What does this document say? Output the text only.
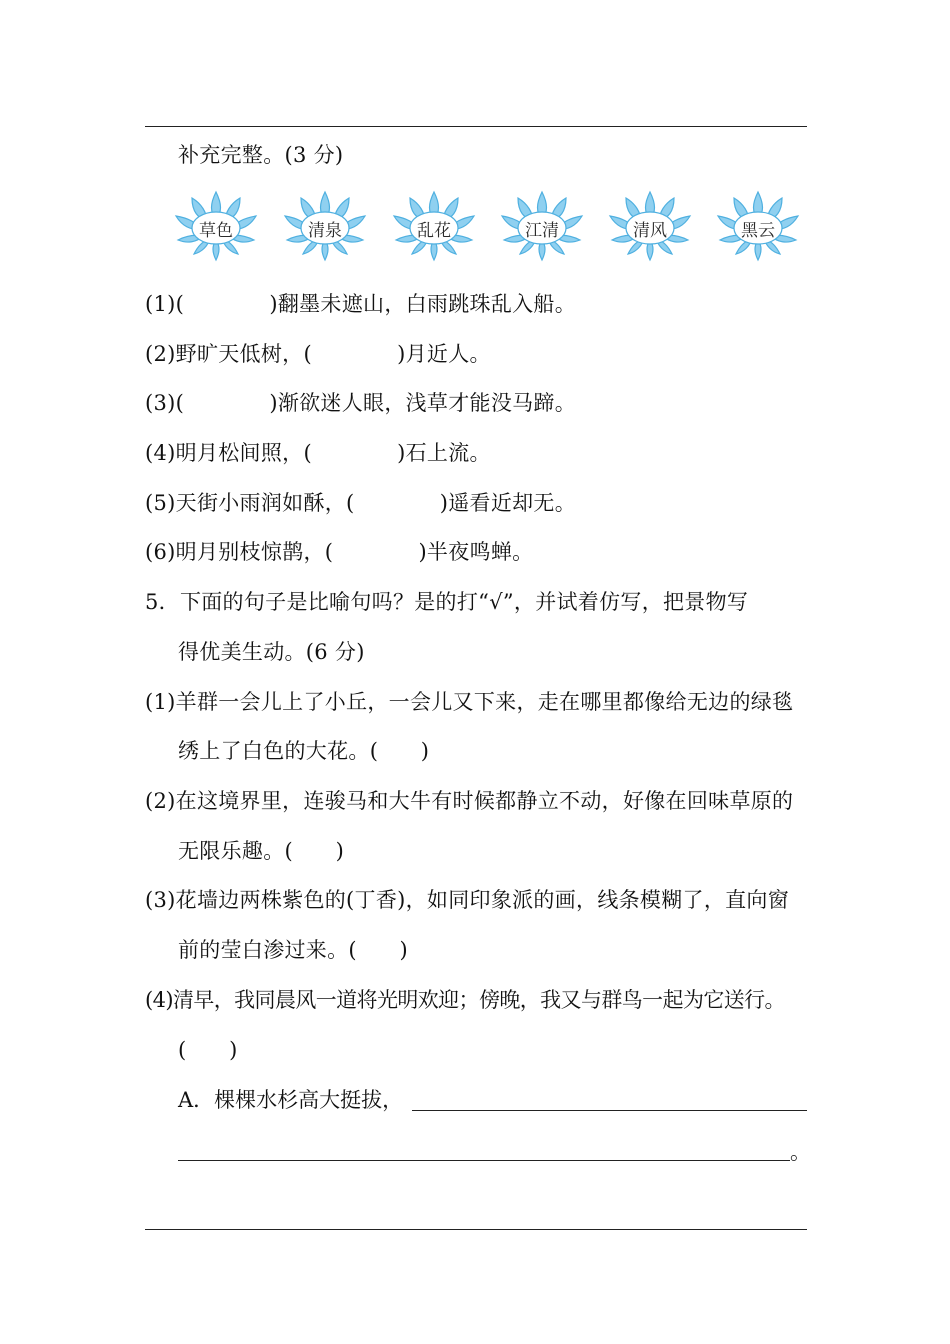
补充完整。(3 分)
草色	清泉	乱花	江清	清风	黑云
(1)(　　　　)翻墨未遮山，白雨跳珠乱入船。
(2)野旷天低树，(　　　　)月近人。
(3)(　　　　)渐欲迷人眼，浅草才能没马蹄。
(4)明月松间照，(　　　　)石上流。
(5)天街小雨润如酥，(　　　　)遥看近却无。
(6)明月别枝惊鹊，(　　　　)半夜鸣蝉。
5．下面的句子是比喻句吗？是的打“√”，并试着仿写，把景物写
得优美生动。(6 分)
(1)羊群一会儿上了小丘，一会儿又下来，走在哪里都像给无边的绿毯
绣上了白色的大花。(　　)
(2)在这境界里，连骏马和大牛有时候都静立不动，好像在回味草原的
无限乐趣。(　　)
(3)花墙边两株紫色的(丁香)，如同印象派的画，线条模糊了，直向窗
前的莹白渗过来。(　　)
(4)清早，我同晨风一道将光明欢迎；傍晚，我又与群鸟一起为它送行。
(　　)
A．棵棵水杉高大挺拔，
。
